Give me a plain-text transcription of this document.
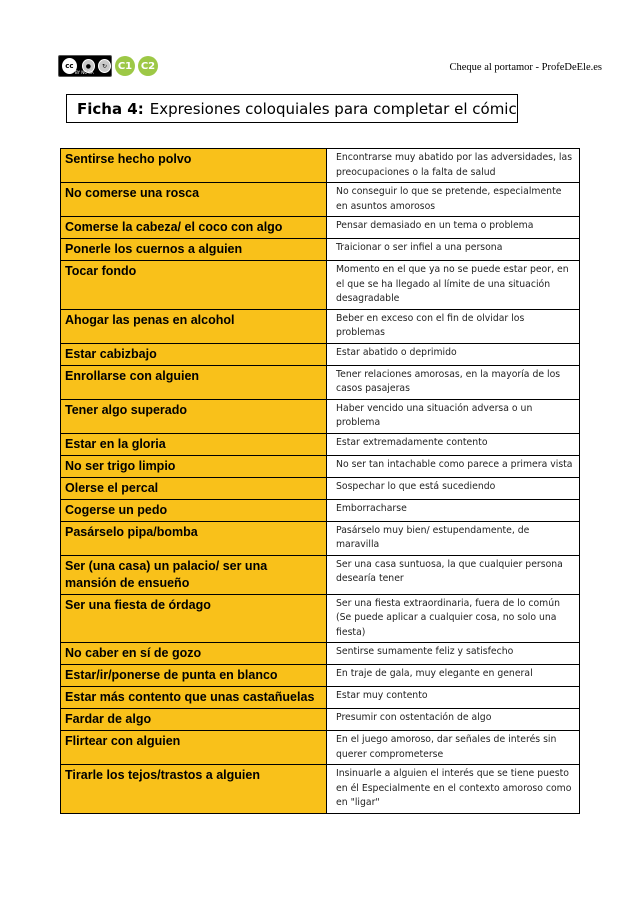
cc	●	↻
BY NC SA
C1 C2	Cheque al portamor - ProfeDeEle.es
Ficha 4: Expresiones coloquiales para completar el cómic
Sentirse hecho polvo	Encontrarse muy abatido por las adversidades, las preocupaciones o la falta de salud
No comerse una rosca	No conseguir lo que se pretende, especialmente en asuntos amorosos
Comerse la cabeza/ el coco con algo	Pensar demasiado en un tema o problema
Ponerle los cuernos a alguien	Traicionar o ser infiel a una persona
Tocar fondo	Momento en el que ya no se puede estar peor, en el que se ha llegado al límite de una situación desagradable
Ahogar las penas en alcohol	Beber en exceso con el fin de olvidar los problemas
Estar cabizbajo	Estar abatido o deprimido
Enrollarse con alguien	Tener relaciones amorosas, en la mayoría de los casos pasajeras
Tener algo superado	Haber vencido una situación adversa o un problema
Estar en la gloria	Estar extremadamente contento
No ser trigo limpio	No ser tan intachable como parece a primera vista
Olerse el percal	Sospechar lo que está sucediendo
Cogerse un pedo	Emborracharse
Pasárselo pipa/bomba	Pasárselo muy bien/ estupendamente, de maravilla
Ser (una casa) un palacio/ ser una mansión de ensueño	Ser una casa suntuosa, la que cualquier persona desearía tener
Ser una fiesta de órdago	Ser una fiesta extraordinaria, fuera de lo común (Se puede aplicar a cualquier cosa, no solo una fiesta)
No caber en sí de gozo	Sentirse sumamente feliz y satisfecho
Estar/ir/ponerse de punta en blanco	En traje de gala, muy elegante en general
Estar más contento que unas castañuelas	Estar muy contento
Fardar de algo	Presumir con ostentación de algo
Flirtear con alguien	En el juego amoroso, dar señales de interés sin querer comprometerse
Tirarle los tejos/trastos a alguien	Insinuarle a alguien el interés que se tiene puesto en él Especialmente en el contexto amoroso como en "ligar"
